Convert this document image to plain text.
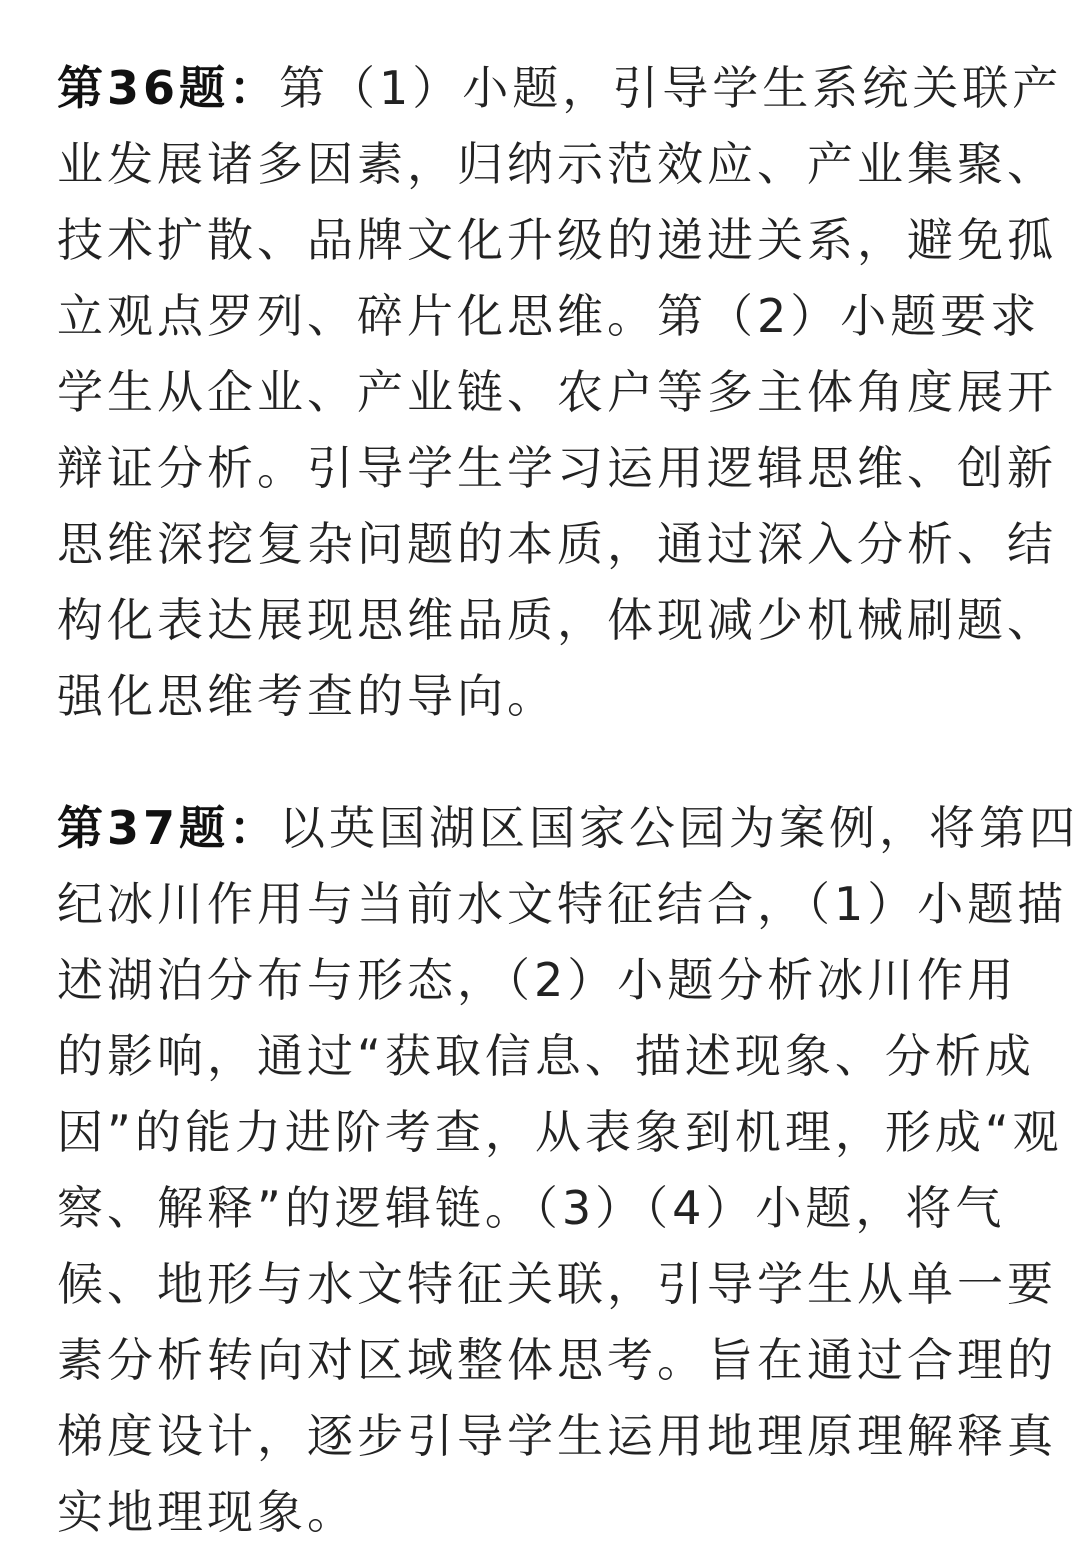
第36题：第（1）小题，引导学生系统关联产
业发展诸多因素，归纳示范效应、产业集聚、
技术扩散、品牌文化升级的递进关系，避免孤
立观点罗列、碎片化思维。第（2）小题要求
学生从企业、产业链、农户等多主体角度展开
辩证分析。引导学生学习运用逻辑思维、创新
思维深挖复杂问题的本质，通过深入分析、结
构化表达展现思维品质，体现减少机械刷题、
强化思维考查的导向。
第37题：以英国湖区国家公园为案例，将第四
纪冰川作用与当前水文特征结合，（1）小题描
述湖泊分布与形态，（2）小题分析冰川作用
的影响，通过“获取信息、描述现象、分析成
因”的能力进阶考查，从表象到机理，形成“观
察、解释”的逻辑链。（3）（4）小题，将气
候、地形与水文特征关联，引导学生从单一要
素分析转向对区域整体思考。旨在通过合理的
梯度设计，逐步引导学生运用地理原理解释真
实地理现象。
